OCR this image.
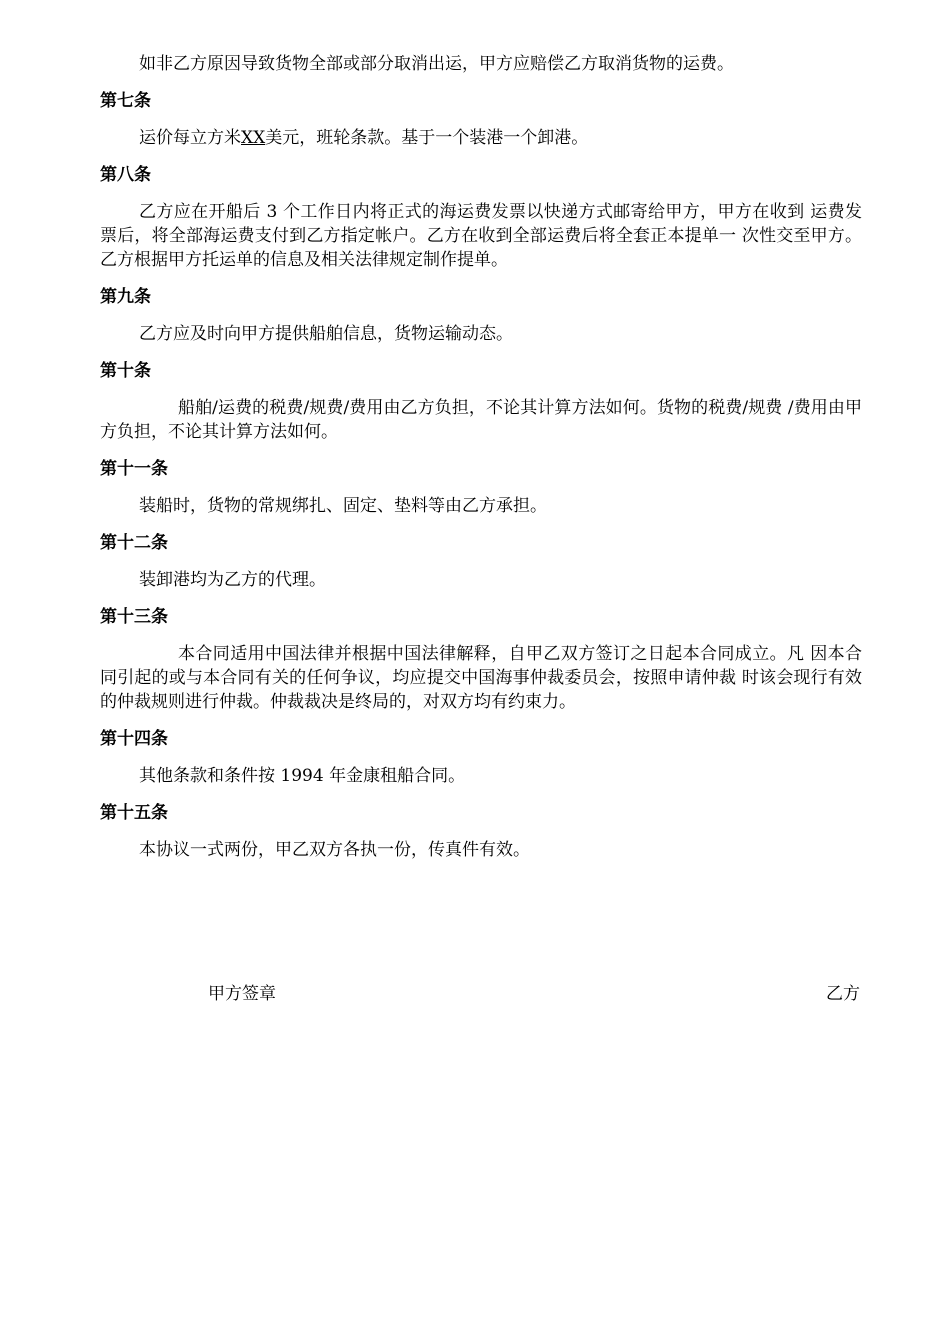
如非乙方原因导致货物全部或部分取消出运，甲方应赔偿乙方取消货物的运费。

第七条

运价每立方米XX美元，班轮条款。基于一个装港一个卸港。

第八条

乙方应在开船后 3 个工作日内将正式的海运费发票以快递方式邮寄给甲方，甲方在收到 运费发票后，将全部海运费支付到乙方指定帐户。乙方在收到全部运费后将全套正本提单一 次性交至甲方。乙方根据甲方托运单的信息及相关法律规定制作提单。

第九条

乙方应及时向甲方提供船舶信息，货物运输动态。

第十条

船舶/运费的税费/规费/费用由乙方负担，不论其计算方法如何。货物的税费/规费 /费用由甲方负担，不论其计算方法如何。

第十一条

装船时，货物的常规绑扎、固定、垫料等由乙方承担。

第十二条

装卸港均为乙方的代理。

第十三条

本合同适用中国法律并根据中国法律解释，自甲乙双方签订之日起本合同成立。凡 因本合同引起的或与本合同有关的任何争议，均应提交中国海事仲裁委员会，按照申请仲裁 时该会现行有效的仲裁规则进行仲裁。仲裁裁决是终局的，对双方均有约束力。

第十四条

其他条款和条件按 1994 年金康租船合同。

第十五条

本协议一式两份，甲乙双方各执一份，传真件有效。

甲方签章	乙方
